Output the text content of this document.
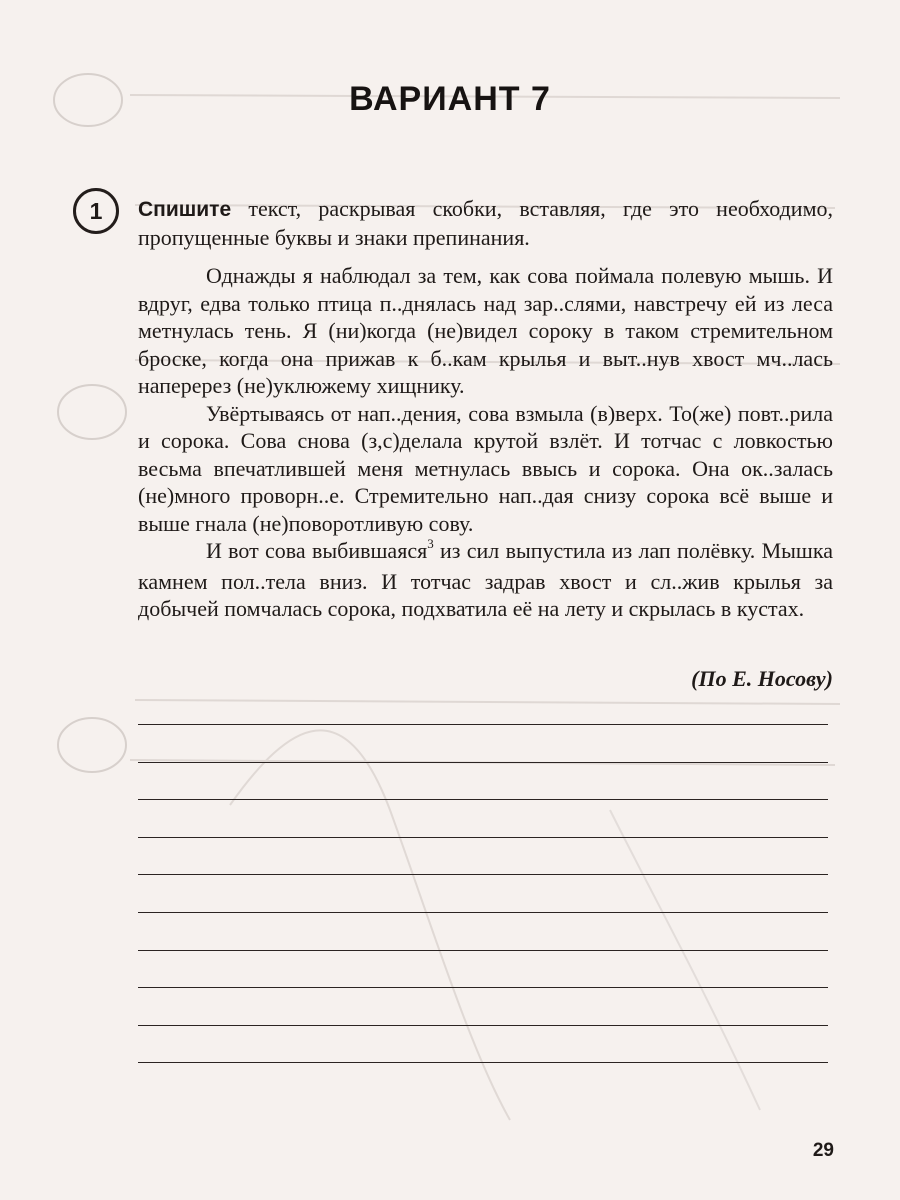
ВАРИАНТ 7
1	Спишите текст, раскрывая скобки, вставляя, где это необходимо, пропущенные буквы и знаки препинания.

Однажды я наблюдал за тем, как сова поймала полевую мышь. И вдруг, едва только птица п..днялась над зар..слями, навстречу ей из леса метнулась тень. Я (ни)когда (не)видел сороку в таком стремительном броске, когда она прижав к б..кам крылья и выт..нув хвост мч..лась наперерез (не)уклюжему хищнику.

Увёртываясь от нап..дения, сова взмыла (в)верх. То(же) повт..рила и сорока. Сова снова (з,с)делала крутой взлёт. И тотчас с ловкостью весьма впечатлившей меня метнулась ввысь и сорока. Она ок..залась (не)много проворн..е. Стремительно нап..дая снизу сорока всё выше и выше гнала (не)поворотливую сову.

И вот сова выбившаяся$^3$ из сил выпустила из лап полёвку. Мышка камнем пол..тела вниз. И тотчас задрав хвост и сл..жив крылья за добычей помчалась сорока, подхватила её на лету и скрылась в кустах.

(По Е. Носову)
29
